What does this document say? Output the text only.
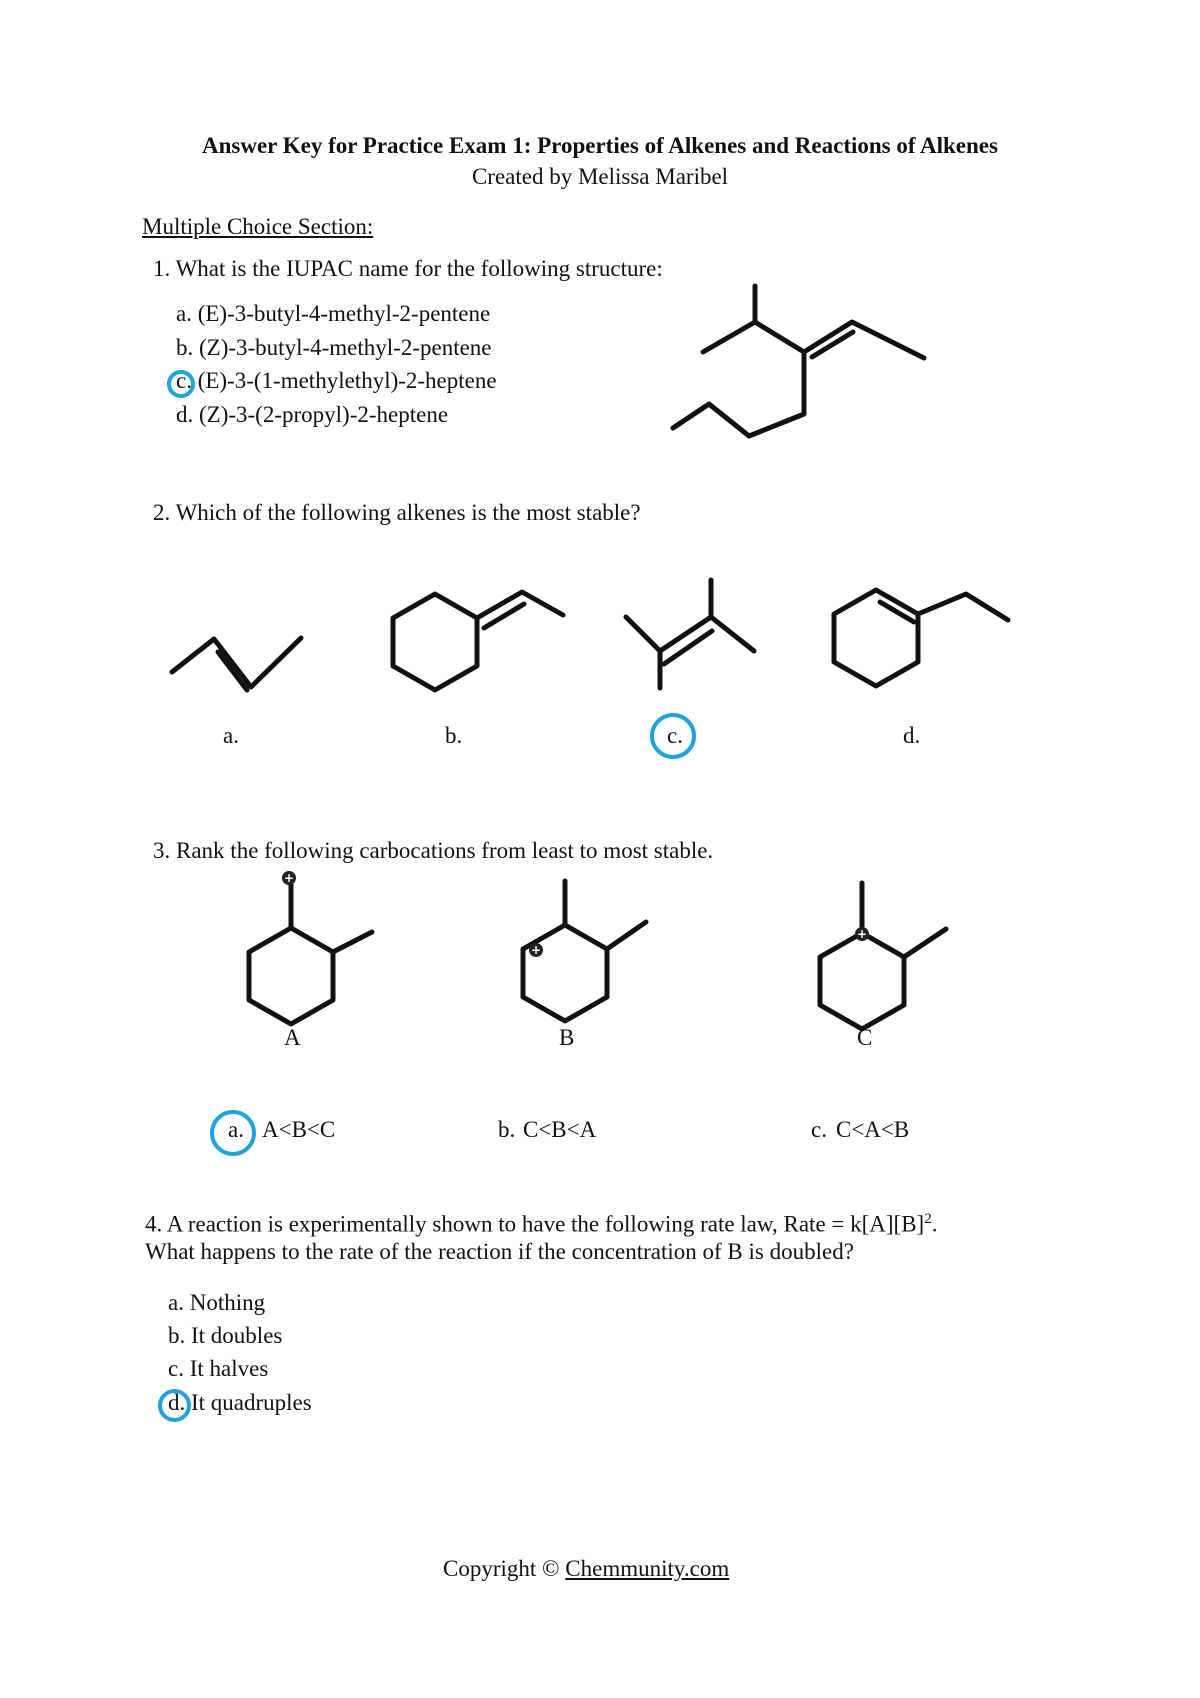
Answer Key for Practice Exam 1: Properties of Alkenes and Reactions of Alkenes
Created by Melissa Maribel
Multiple Choice Section:
1. What is the IUPAC name for the following structure:
a. (E)-3-butyl-4-methyl-2-pentene
b. (Z)-3-butyl-4-methyl-2-pentene
c. (E)-3-(1-methylethyl)-2-heptene
d. (Z)-3-(2-propyl)-2-heptene
2. Which of the following alkenes is the most stable?
a.	b.	c.	d.
3. Rank the following carbocations from least to most stable.
+
+
+
A	B	C
a. A<B<C	b. C<B<A	c. C<A<B
4. A reaction is experimentally shown to have the following rate law, Rate = $k[A][B]^2$.
What happens to the rate of the reaction if the concentration of B is doubled?
a. Nothing
b. It doubles
c. It halves
d. It quadruples
Copyright © Chemmunity.com
